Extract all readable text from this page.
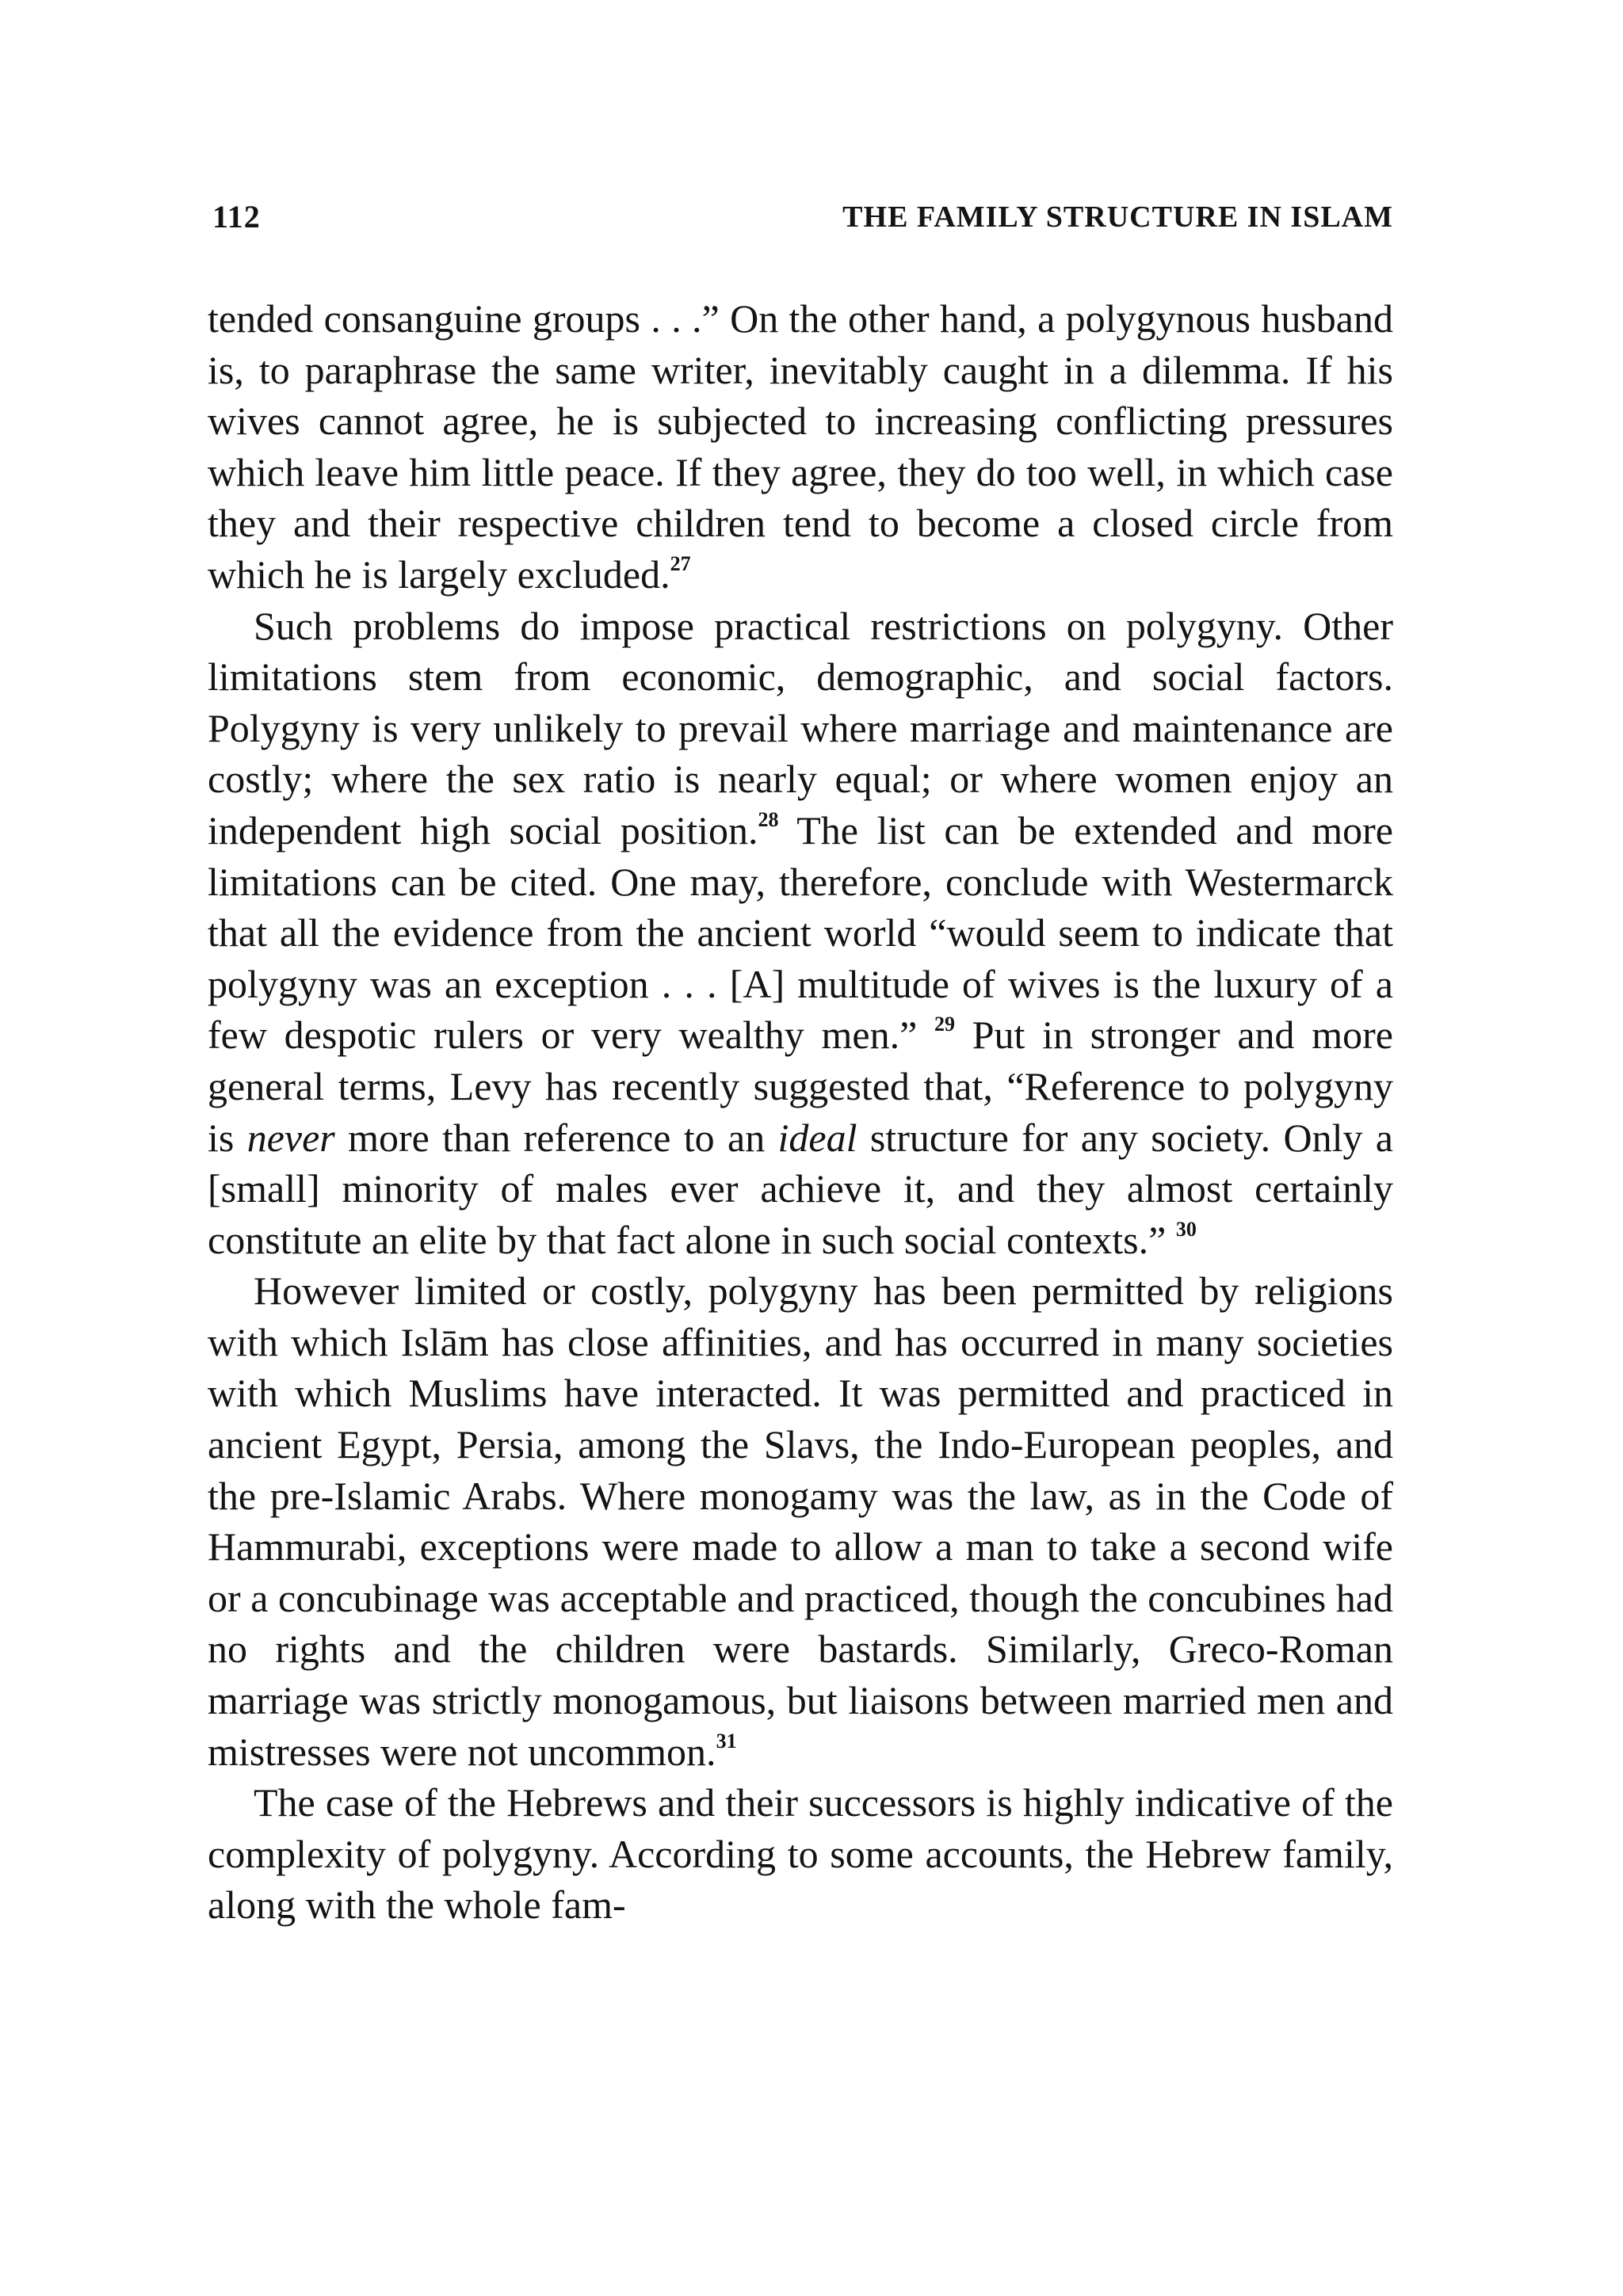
112	THE FAMILY STRUCTURE IN ISLAM

tended consanguine groups . . .” On the other hand, a polygynous husband is, to paraphrase the same writer, inevitably caught in a dilemma. If his wives cannot agree, he is subjected to increasing conflicting pressures which leave him little peace. If they agree, they do too well, in which case they and their respective children tend to become a closed circle from which he is largely excluded.$^{27}$

Such problems do impose practical restrictions on polygyny. Other limitations stem from economic, demographic, and social factors. Polygyny is very unlikely to prevail where marriage and maintenance are costly; where the sex ratio is nearly equal; or where women enjoy an independent high social position.$^{28}$ The list can be extended and more limitations can be cited. One may, therefore, conclude with Westermarck that all the evidence from the ancient world “would seem to indicate that polygyny was an exception . . . [A] multitude of wives is the luxury of a few despotic rulers or very wealthy men.” $^{29}$ Put in stronger and more general terms, Levy has recently suggested that, “Reference to polygyny is never more than reference to an ideal structure for any society. Only a [small] minority of males ever achieve it, and they almost certainly constitute an elite by that fact alone in such social contexts.” $^{30}$

However limited or costly, polygyny has been permitted by religions with which Islām has close affinities, and has occurred in many societies with which Muslims have interacted. It was permitted and practiced in ancient Egypt, Persia, among the Slavs, the Indo-European peoples, and the pre-Islamic Arabs. Where monogamy was the law, as in the Code of Hammurabi, exceptions were made to allow a man to take a second wife or a concubinage was acceptable and practiced, though the concubines had no rights and the children were bastards. Similarly, Greco-Roman marriage was strictly monogamous, but liaisons between married men and mistresses were not uncommon.$^{31}$

The case of the Hebrews and their successors is highly indicative of the complexity of polygyny. According to some accounts, the Hebrew family, along with the whole fam-
